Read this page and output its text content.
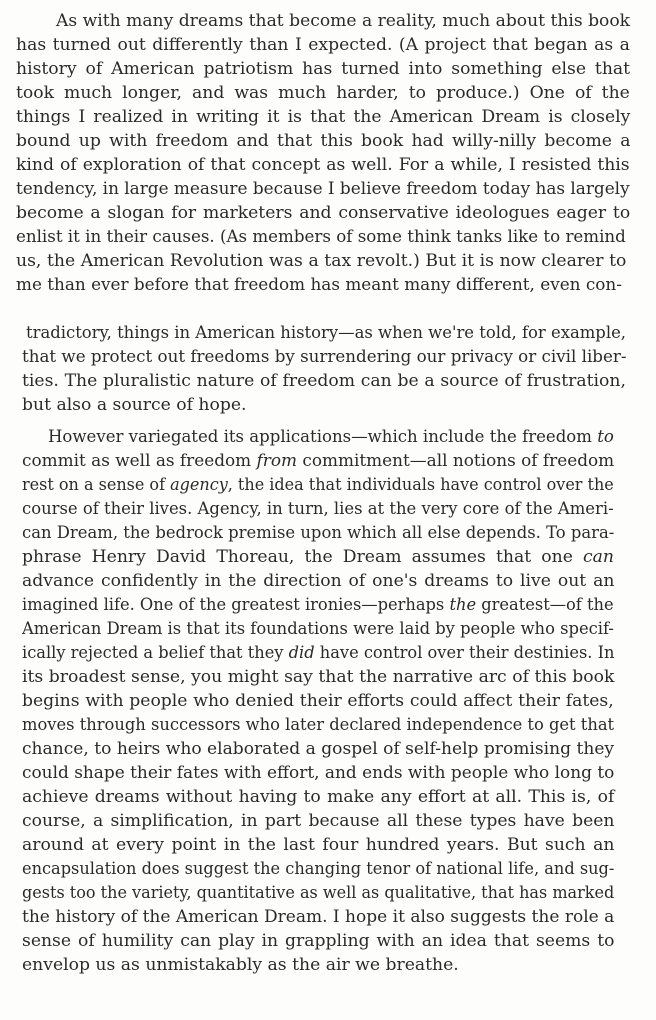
As with many dreams that become a reality, much about this book

has turned out differently than I expected. (A project that began as a

history of American patriotism has turned into something else that

took much longer, and was much harder, to produce.) One of the

things I realized in writing it is that the American Dream is closely

bound up with freedom and that this book had willy-nilly become a

kind of exploration of that concept as well. For a while, I resisted this

tendency, in large measure because I believe freedom today has largely

become a slogan for marketers and conservative ideologues eager to

enlist it in their causes. (As members of some think tanks like to remind

us, the American Revolution was a tax revolt.) But it is now clearer to

me than ever before that freedom has meant many different, even con-

tradictory, things in American history—as when we're told, for example,

that we protect out freedoms by surrendering our privacy or civil liber-

ties. The pluralistic nature of freedom can be a source of frustration,

but also a source of hope.

However variegated its applications—which include the freedom to

commit as well as freedom from commitment—all notions of freedom

rest on a sense of agency, the idea that individuals have control over the

course of their lives. Agency, in turn, lies at the very core of the Ameri-

can Dream, the bedrock premise upon which all else depends. To para-

phrase Henry David Thoreau, the Dream assumes that one can

advance confidently in the direction of one's dreams to live out an

imagined life. One of the greatest ironies—perhaps the greatest—of the

American Dream is that its foundations were laid by people who specif-

ically rejected a belief that they did have control over their destinies. In

its broadest sense, you might say that the narrative arc of this book

begins with people who denied their efforts could affect their fates,

moves through successors who later declared independence to get that

chance, to heirs who elaborated a gospel of self-help promising they

could shape their fates with effort, and ends with people who long to

achieve dreams without having to make any effort at all. This is, of

course, a simplification, in part because all these types have been

around at every point in the last four hundred years. But such an

encapsulation does suggest the changing tenor of national life, and sug-

gests too the variety, quantitative as well as qualitative, that has marked

the history of the American Dream. I hope it also suggests the role a

sense of humility can play in grappling with an idea that seems to

envelop us as unmistakably as the air we breathe.
